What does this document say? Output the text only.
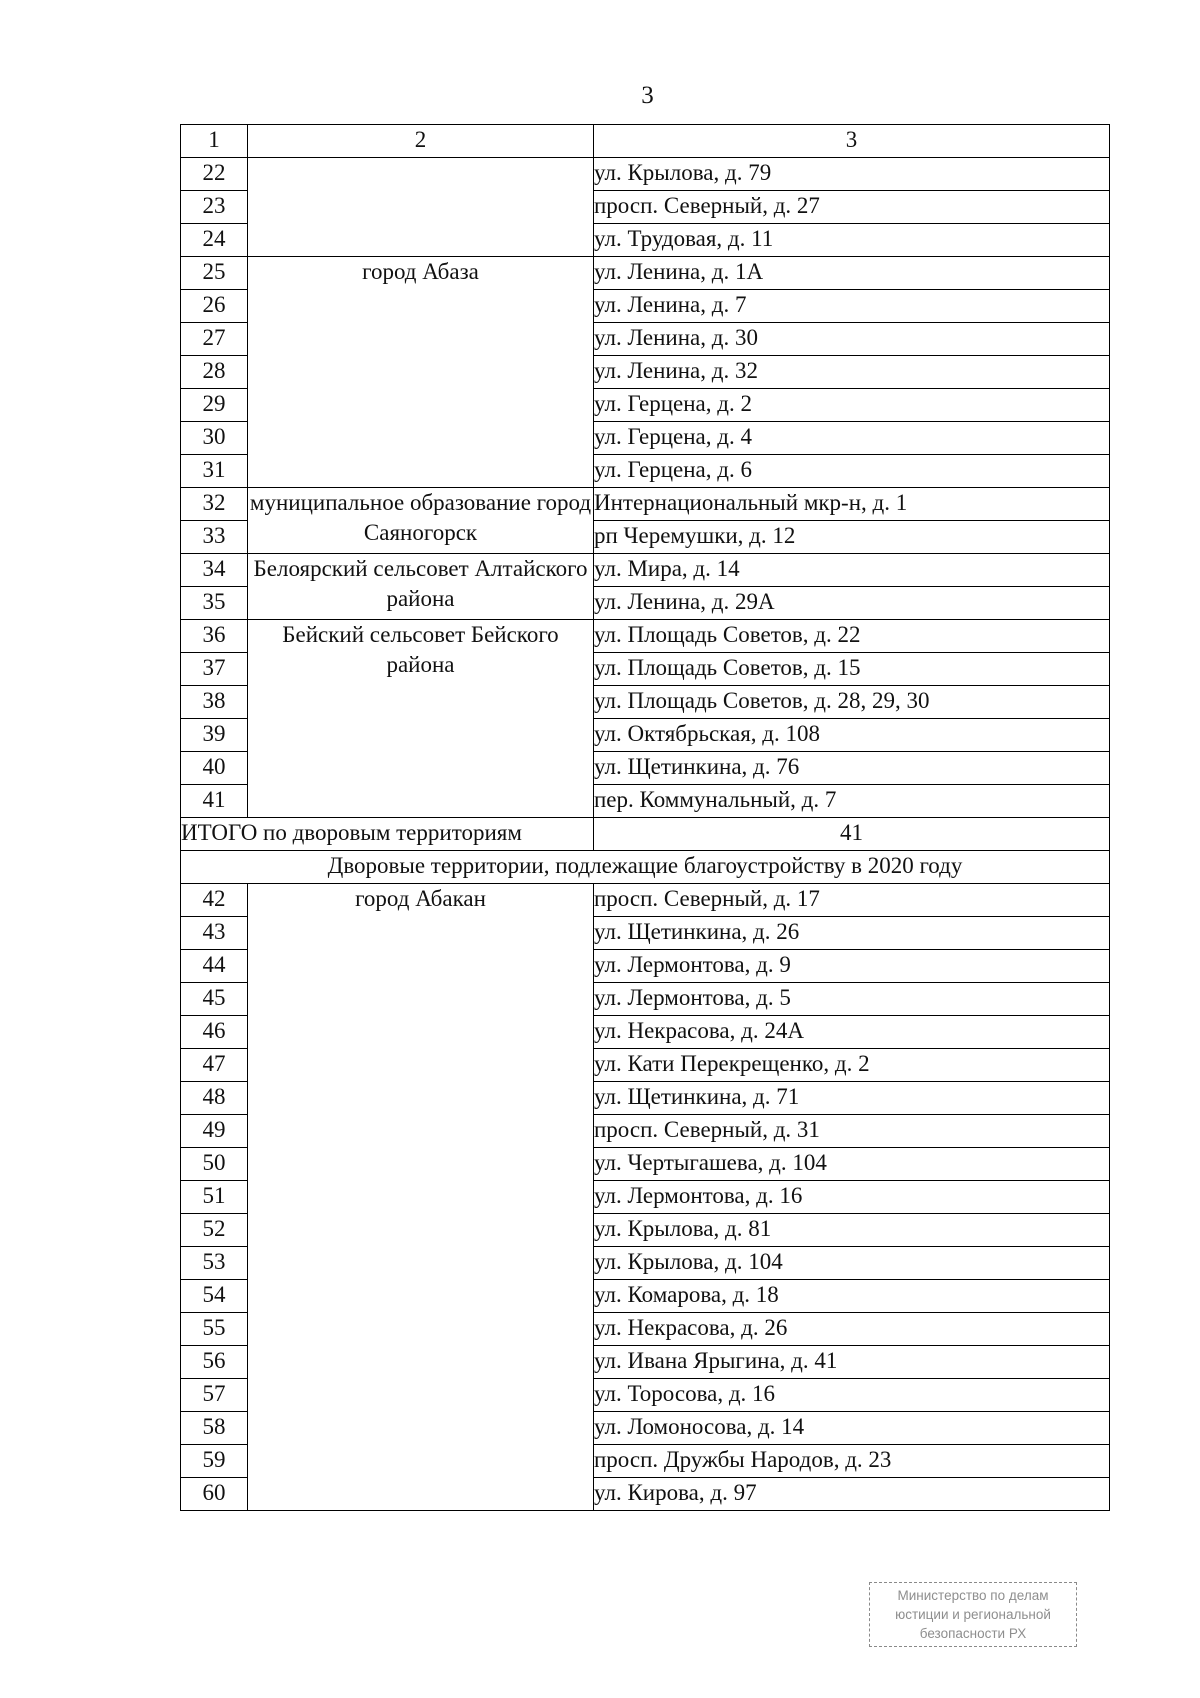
3
1	2	3
22		ул. Крылова, д. 79
23		просп. Северный, д. 27
24		ул. Трудовая, д. 11
25	город Абаза	ул. Ленина, д. 1А
26		ул. Ленина, д. 7
27		ул. Ленина, д. 30
28		ул. Ленина, д. 32
29		ул. Герцена, д. 2
30		ул. Герцена, д. 4
31		ул. Герцена, д. 6
32	муниципальное образование город Саяногорск	Интернациональный мкр-н, д. 1
33		рп Черемушки, д. 12
34	Белоярский сельсовет Алтайского района	ул. Мира, д. 14
35		ул. Ленина, д. 29А
36	Бейский сельсовет Бейского района	ул. Площадь Советов, д. 22
37		ул. Площадь Советов, д. 15
38		ул. Площадь Советов, д. 28, 29, 30
39		ул. Октябрьская, д. 108
40		ул. Щетинкина, д. 76
41		пер. Коммунальный, д. 7
ИТОГО по дворовым территориям		41
Дворовые территории, подлежащие благоустройству в 2020 году		
42	город Абакан	просп. Северный, д. 17
43		ул. Щетинкина, д. 26
44		ул. Лермонтова, д. 9
45		ул. Лермонтова, д. 5
46		ул. Некрасова, д. 24А
47		ул. Кати Перекрещенко, д. 2
48		ул. Щетинкина, д. 71
49		просп. Северный, д. 31
50		ул. Чертыгашева, д. 104
51		ул. Лермонтова, д. 16
52		ул. Крылова, д. 81
53		ул. Крылова, д. 104
54		ул. Комарова, д. 18
55		ул. Некрасова, д. 26
56		ул. Ивана Ярыгина, д. 41
57		ул. Торосова, д. 16
58		ул. Ломоносова, д. 14
59		просп. Дружбы Народов, д. 23
60		ул. Кирова, д. 97
Министерство по делам
юстиции и региональной
безопасности РХ
